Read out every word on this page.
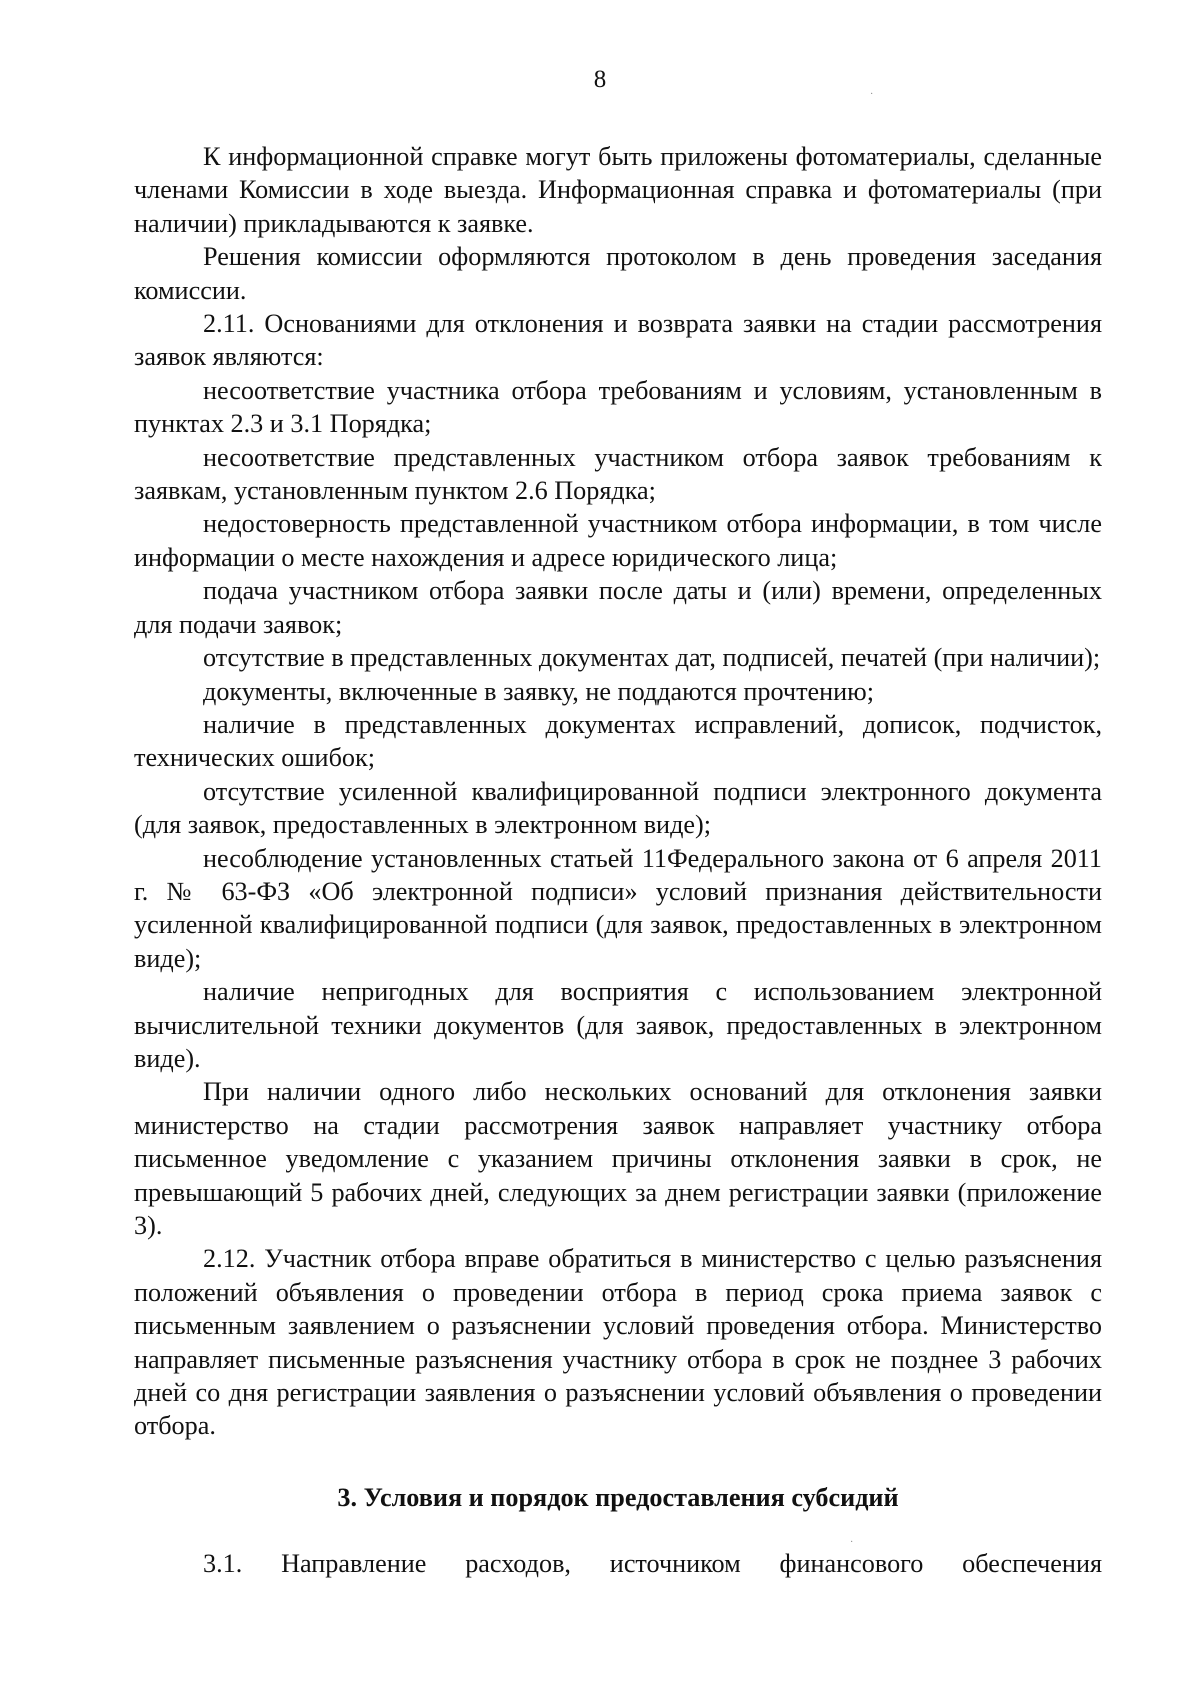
8

К информационной справке могут быть приложены фотоматериалы, сделанные членами Комиссии в ходе выезда. Информационная справка и фотоматериалы (при наличии) прикладываются к заявке.

Решения комиссии оформляются протоколом в день проведения заседания комиссии.

2.11. Основаниями для отклонения и возврата заявки на стадии рассмотрения заявок являются:

несоответствие участника отбора требованиям и условиям, установленным в пунктах 2.3 и 3.1 Порядка;

несоответствие представленных участником отбора заявок требованиям к заявкам, установленным пунктом 2.6 Порядка;

недостоверность представленной участником отбора информации, в том числе информации о месте нахождения и адресе юридического лица;

подача участником отбора заявки после даты и (или) времени, определенных для подачи заявок;

отсутствие в представленных документах дат, подписей, печатей (при наличии);

документы, включенные в заявку, не поддаются прочтению;

наличие в представленных документах исправлений, дописок, подчисток, технических ошибок;

отсутствие усиленной квалифицированной подписи электронного документа (для заявок, предоставленных в электронном виде);

несоблюдение установленных статьей 11Федерального закона от 6 апреля 2011 г. № 63-ФЗ «Об электронной подписи» условий признания действительности усиленной квалифицированной подписи (для заявок, предоставленных в электронном виде);

наличие непригодных для восприятия с использованием электронной вычислительной техники документов (для заявок, предоставленных в электронном виде).

При наличии одного либо нескольких оснований для отклонения заявки министерство на стадии рассмотрения заявок направляет участнику отбора письменное уведомление с указанием причины отклонения заявки в срок, не превышающий 5 рабочих дней, следующих за днем регистрации заявки (приложение 3).

2.12. Участник отбора вправе обратиться в министерство с целью разъяснения положений объявления о проведении отбора в период срока приема заявок с письменным заявлением о разъяснении условий проведения отбора. Министерство направляет письменные разъяснения участнику отбора в срок не позднее 3 рабочих дней со дня регистрации заявления о разъяснении условий объявления о проведении отбора.

3. Условия и порядок предоставления субсидий

3.1. Направление расходов, источником финансового обеспечения

·
·
